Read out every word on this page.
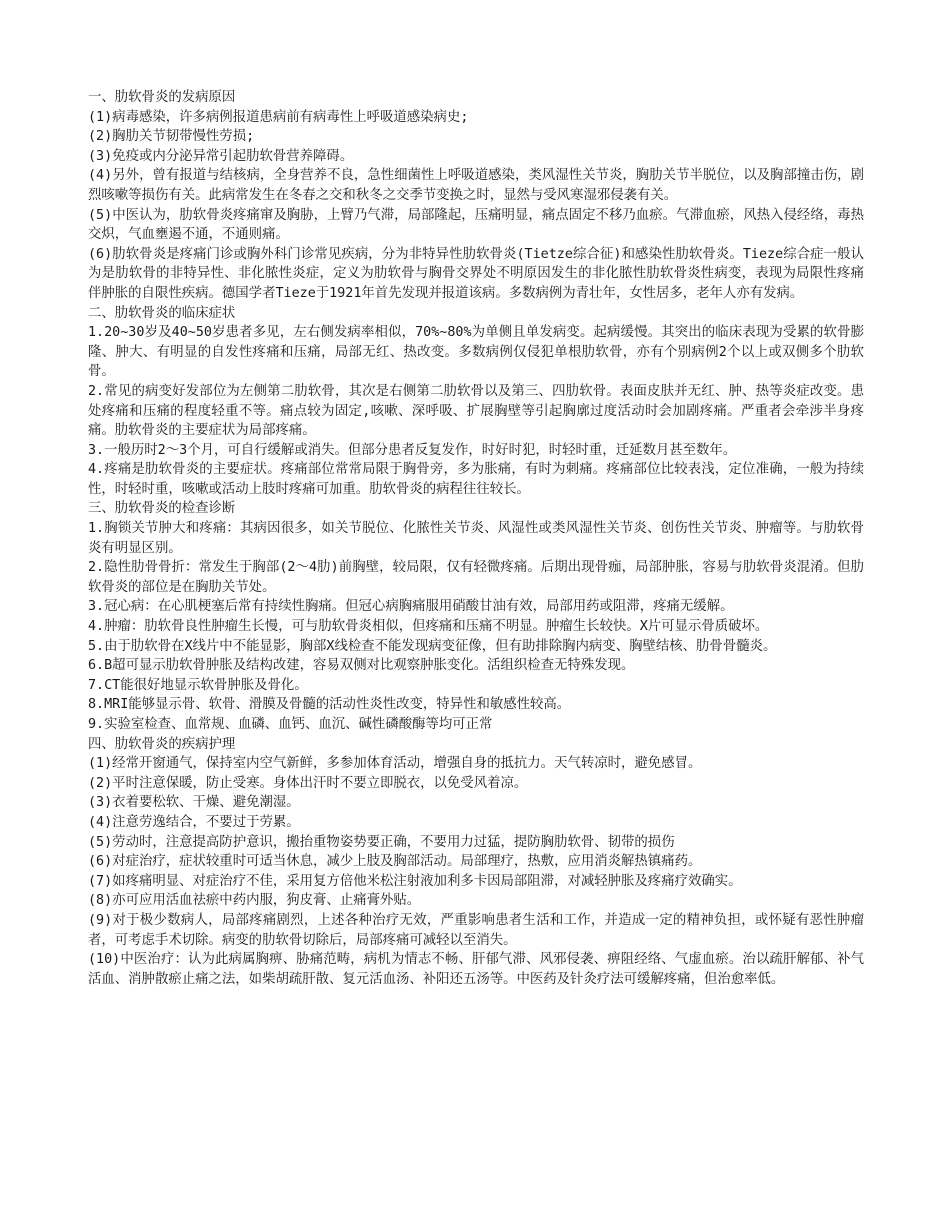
一、肋软骨炎的发病原因

(1)病毒感染，许多病例报道患病前有病毒性上呼吸道感染病史;

(2)胸肋关节韧带慢性劳损;

(3)免疫或内分泌异常引起肋软骨营养障碍。

(4)另外，曾有报道与结核病，全身营养不良，急性细菌性上呼吸道感染，类风湿性关节炎，胸肋关节半脱位，以及胸部撞击伤，剧烈咳嗽等损伤有关。此病常发生在冬春之交和秋冬之交季节变换之时，显然与受风寒湿邪侵袭有关。

(5)中医认为，肋软骨炎疼痛窜及胸胁，上臂乃气滞，局部隆起，压痛明显，痛点固定不移乃血瘀。气滞血瘀，风热入侵经络，毒热交炽，气血壅遏不通，不通则痛。

(6)肋软骨炎是疼痛门诊或胸外科门诊常见疾病，分为非特异性肋软骨炎(Tietze综合征)和感染性肋软骨炎。Tieze综合症一般认为是肋软骨的非特异性、非化脓性炎症，定义为肋软骨与胸骨交界处不明原因发生的非化脓性肋软骨炎性病变，表现为局限性疼痛伴肿胀的自限性疾病。德国学者Tieze于1921年首先发现并报道该病。多数病例为青壮年，女性居多，老年人亦有发病。

二、肋软骨炎的临床症状

1.20~30岁及40~50岁患者多见，左右侧发病率相似，70%~80%为单侧且单发病变。起病缓慢。其突出的临床表现为受累的软骨膨隆、肿大、有明显的自发性疼痛和压痛，局部无红、热改变。多数病例仅侵犯单根肋软骨，亦有个别病例2个以上或双侧多个肋软骨。

2.常见的病变好发部位为左侧第二肋软骨，其次是右侧第二肋软骨以及第三、四肋软骨。表面皮肤并无红、肿、热等炎症改变。患处疼痛和压痛的程度轻重不等。痛点较为固定,咳嗽、深呼吸、扩展胸壁等引起胸廓过度活动时会加剧疼痛。严重者会牵涉半身疼痛。肋软骨炎的主要症状为局部疼痛。

3.一般历时2～3个月，可自行缓解或消失。但部分患者反复发作，时好时犯，时轻时重，迁延数月甚至数年。

4.疼痛是肋软骨炎的主要症状。疼痛部位常常局限于胸骨旁，多为胀痛，有时为刺痛。疼痛部位比较表浅，定位准确，一般为持续性，时轻时重，咳嗽或活动上肢时疼痛可加重。肋软骨炎的病程往往较长。

三、肋软骨炎的检查诊断

1.胸锁关节肿大和疼痛：其病因很多，如关节脱位、化脓性关节炎、风湿性或类风湿性关节炎、创伤性关节炎、肿瘤等。与肋软骨炎有明显区别。

2.隐性肋骨骨折：常发生于胸部(2～4肋)前胸壁，较局限，仅有轻微疼痛。后期出现骨痂，局部肿胀，容易与肋软骨炎混淆。但肋软骨炎的部位是在胸肋关节处。

3.冠心病：在心肌梗塞后常有持续性胸痛。但冠心病胸痛服用硝酸甘油有效，局部用药或阻滞，疼痛无缓解。

4.肿瘤：肋软骨良性肿瘤生长慢，可与肋软骨炎相似，但疼痛和压痛不明显。肿瘤生长较快。X片可显示骨质破坏。

5.由于肋软骨在X线片中不能显影，胸部X线检查不能发现病变征像，但有助排除胸内病变、胸壁结核、肋骨骨髓炎。

6.B超可显示肋软骨肿胀及结构改建，容易双侧对比观察肿胀变化。活组织检查无特殊发现。

7.CT能很好地显示软骨肿胀及骨化。

8.MRI能够显示骨、软骨、滑膜及骨髓的活动性炎性改变，特异性和敏感性较高。

9.实验室检查、血常规、血磷、血钙、血沉、碱性磷酸酶等均可正常

四、肋软骨炎的疾病护理

(1)经常开窗通气，保持室内空气新鲜，多参加体育活动，增强自身的抵抗力。天气转凉时，避免感冒。

(2)平时注意保暖，防止受寒。身体出汗时不要立即脱衣，以免受风着凉。

(3)衣着要松软、干燥、避免潮湿。

(4)注意劳逸结合，不要过于劳累。

(5)劳动时，注意提高防护意识，搬抬重物姿势要正确，不要用力过猛，提防胸肋软骨、韧带的损伤

(6)对症治疗，症状较重时可适当休息，减少上肢及胸部活动。局部理疗，热敷，应用消炎解热镇痛药。

(7)如疼痛明显、对症治疗不佳，采用复方倍他米松注射液加利多卡因局部阻滞，对减轻肿胀及疼痛疗效确实。

(8)亦可应用活血祛瘀中药内服，狗皮膏、止痛膏外贴。

(9)对于极少数病人，局部疼痛剧烈，上述各种治疗无效，严重影响患者生活和工作，并造成一定的精神负担，或怀疑有恶性肿瘤者，可考虑手术切除。病变的肋软骨切除后，局部疼痛可减轻以至消失。

(10)中医治疗：认为此病属胸痹、胁痛范畴，病机为情志不畅、肝郁气滞、风邪侵袭、痹阻经络、气虚血瘀。治以疏肝解郁、补气活血、消肿散瘀止痛之法，如柴胡疏肝散、复元活血汤、补阳还五汤等。中医药及针灸疗法可缓解疼痛，但治愈率低。
